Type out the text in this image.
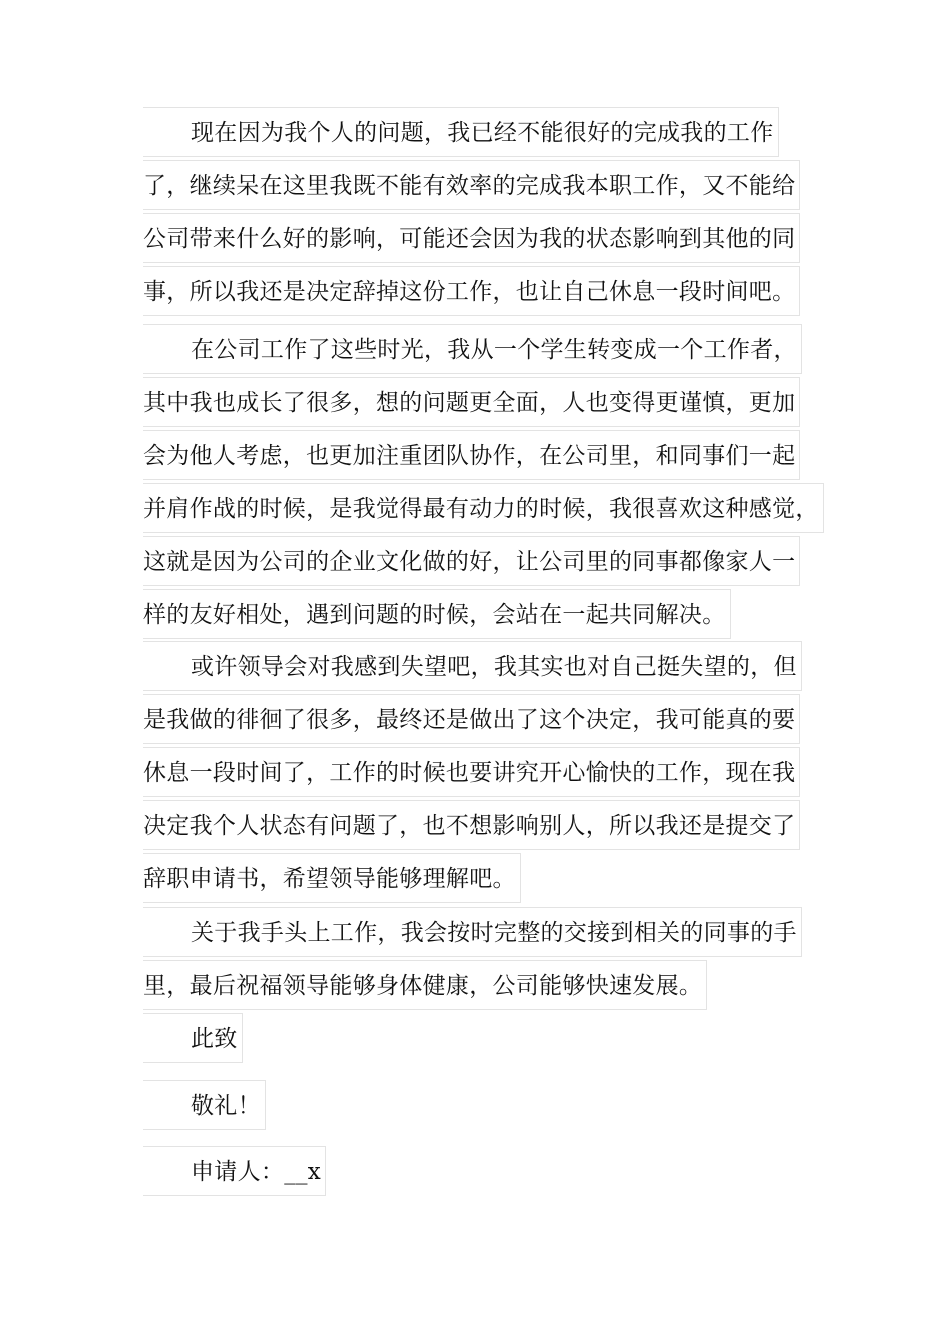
现在因为我个人的问题，我已经不能很好的完成我的工作
了，继续呆在这里我既不能有效率的完成我本职工作，又不能给
公司带来什么好的影响，可能还会因为我的状态影响到其他的同
事，所以我还是决定辞掉这份工作，也让自己休息一段时间吧。
在公司工作了这些时光，我从一个学生转变成一个工作者，
其中我也成长了很多，想的问题更全面，人也变得更谨慎，更加
会为他人考虑，也更加注重团队协作，在公司里，和同事们一起
并肩作战的时候，是我觉得最有动力的时候，我很喜欢这种感觉，
这就是因为公司的企业文化做的好，让公司里的同事都像家人一
样的友好相处，遇到问题的时候，会站在一起共同解决。
或许领导会对我感到失望吧，我其实也对自己挺失望的，但
是我做的徘徊了很多，最终还是做出了这个决定，我可能真的要
休息一段时间了，工作的时候也要讲究开心愉快的工作，现在我
决定我个人状态有问题了，也不想影响别人，所以我还是提交了
辞职申请书，希望领导能够理解吧。
关于我手头上工作，我会按时完整的交接到相关的同事的手
里，最后祝福领导能够身体健康，公司能够快速发展。
此致
敬礼！
申请人：__x
